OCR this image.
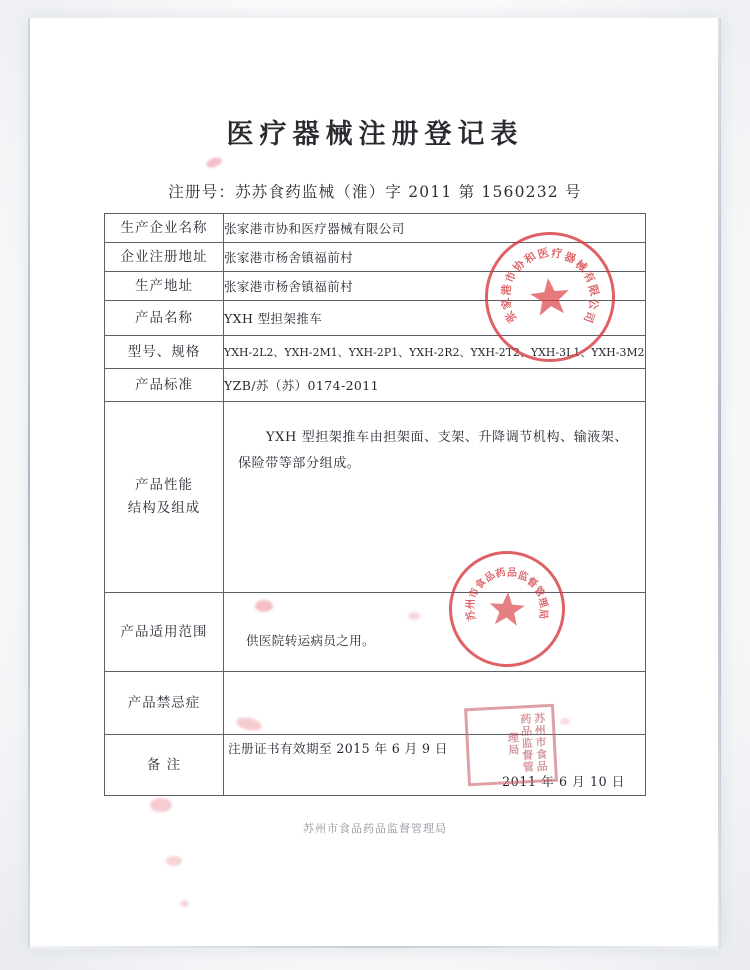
医疗器械注册登记表
注册号：苏苏食药监械（淮）字 2011 第 1560232 号
生产企业名称	张家港市协和医疗器械有限公司
企业注册地址	张家港市杨舍镇福前村
生产地址	张家港市杨舍镇福前村
产品名称	YXH 型担架推车
型号、规格	YXH-2L2、YXH-2M1、YXH-2P1、YXH-2R2、YXH-2T2、YXH-3L1、YXH-3M2
产品标准	YZB/苏（苏）0174-2011

产品性能
结构及组成	YXH 型担架推车由担架面、支架、升降调节机构、输液架、保险带等部分组成。

产品适用范围	供医院转运病员之用。

产品禁忌症	
备 注	注册证书有效期至 2015 年 6 月 9 日
2011 年 6 月 10 日
苏州市食品药品监督管理局
张
家
港
市
协
和
医 疗 器
械
有
限
公
司
苏
州
市
食
品
药 品 监
督
管
理
局
苏州市食品药品监督管理局
